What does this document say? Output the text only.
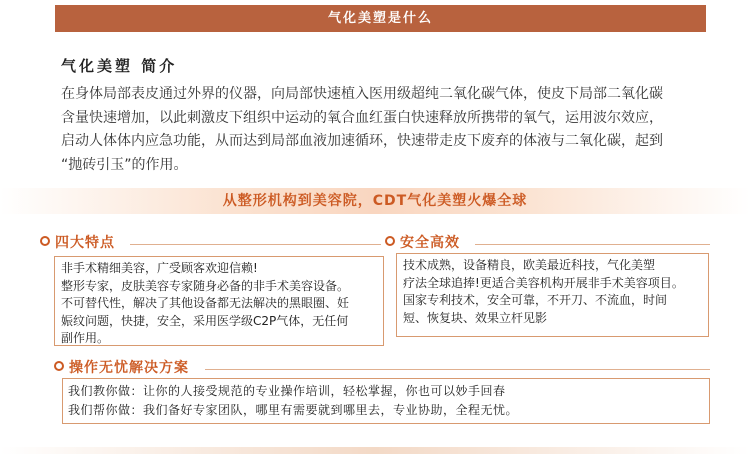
气化美塑是什么
气化美塑 简介
在身体局部表皮通过外界的仪器，向局部快速植入医用级超纯二氧化碳气体，使皮下局部二氧化碳
含量快速增加，以此刺激皮下组织中运动的氧合血红蛋白快速释放所携带的氧气，运用波尔效应，
启动人体体内应急功能，从而达到局部血液加速循环，快速带走皮下废弃的体液与二氧化碳，起到
“抛砖引玉”的作用。
从整形机构到美容院，CDT气化美塑火爆全球
四大特点

非手术精细美容，广受顾客欢迎信赖!

整形专家，皮肤美容专家随身必备的非手术美容设备。

不可替代性，解决了其他设备都无法解决的黑眼圈、妊

娠纹问题，快捷，安全，采用医学级C2P气体，无任何

副作用。

安全高效

技术成熟，设备精良，欧美最近科技，气化美塑

疗法全球追捧!更适合美容机构开展非手术美容项目。

国家专利技术，安全可靠，不开刀、不流血，时间

短、恢复块、效果立杆见影

操作无忧解决方案

我们教你做：让你的人接受规范的专业操作培训，轻松掌握，你也可以妙手回春

我们帮你做：我们备好专家团队，哪里有需要就到哪里去，专业协助，全程无忧。
